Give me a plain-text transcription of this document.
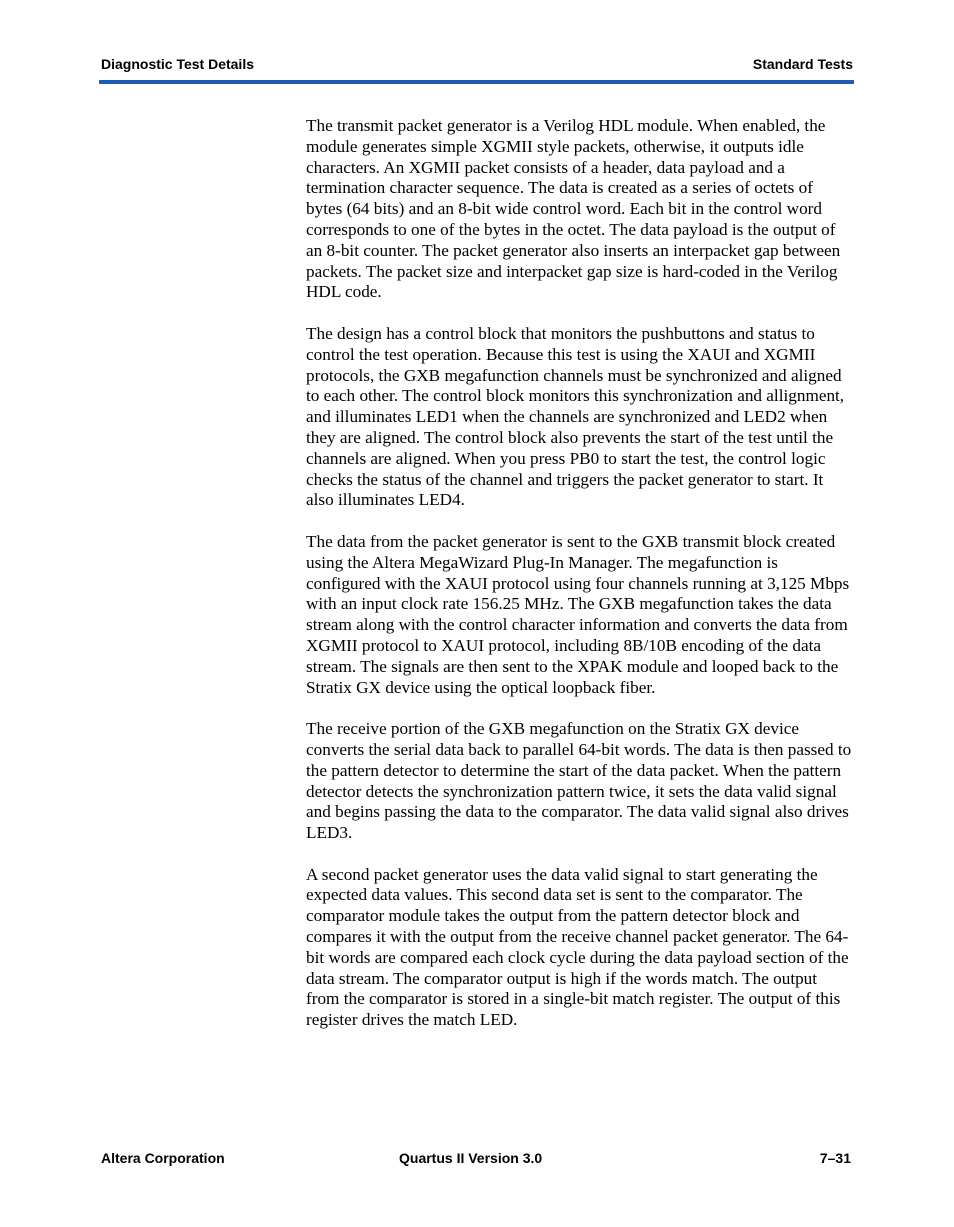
Diagnostic Test Details	Standard Tests

The transmit packet generator is a Verilog HDL module. When enabled, the module generates simple XGMII style packets, otherwise, it outputs idle characters. An XGMII packet consists of a header, data payload and a termination character sequence. The data is created as a series of octets of bytes (64 bits) and an 8-bit wide control word. Each bit in the control word corresponds to one of the bytes in the octet. The data payload is the output of an 8-bit counter. The packet generator also inserts an interpacket gap between packets. The packet size and interpacket gap size is hard-coded in the Verilog HDL code.

The design has a control block that monitors the pushbuttons and status to control the test operation. Because this test is using the XAUI and XGMII protocols, the GXB megafunction channels must be synchronized and aligned to each other. The control block monitors this synchronization and allignment, and illuminates LED1 when the channels are synchronized and LED2 when they are aligned. The control block also prevents the start of the test until the channels are aligned. When you press PB0 to start the test, the control logic checks the status of the channel and triggers the packet generator to start. It also illuminates LED4.

The data from the packet generator is sent to the GXB transmit block created using the Altera MegaWizard Plug-In Manager. The megafunction is configured with the XAUI protocol using four channels running at 3,125 Mbps with an input clock rate 156.25 MHz. The GXB megafunction takes the data stream along with the control character information and converts the data from XGMII protocol to XAUI protocol, including 8B/10B encoding of the data stream. The signals are then sent to the XPAK module and looped back to the Stratix GX device using the optical loopback fiber.

The receive portion of the GXB megafunction on the Stratix GX device converts the serial data back to parallel 64-bit words. The data is then passed to the pattern detector to determine the start of the data packet. When the pattern detector detects the synchronization pattern twice, it sets the data valid signal and begins passing the data to the comparator. The data valid signal also drives LED3.

A second packet generator uses the data valid signal to start generating the expected data values. This second data set is sent to the comparator. The comparator module takes the output from the pattern detector block and compares it with the output from the receive channel packet generator. The 64-bit words are compared each clock cycle during the data payload section of the data stream. The comparator output is high if the words match. The output from the comparator is stored in a single-bit match register. The output of this register drives the match LED.

Altera Corporation	Quartus II Version 3.0	7–31
